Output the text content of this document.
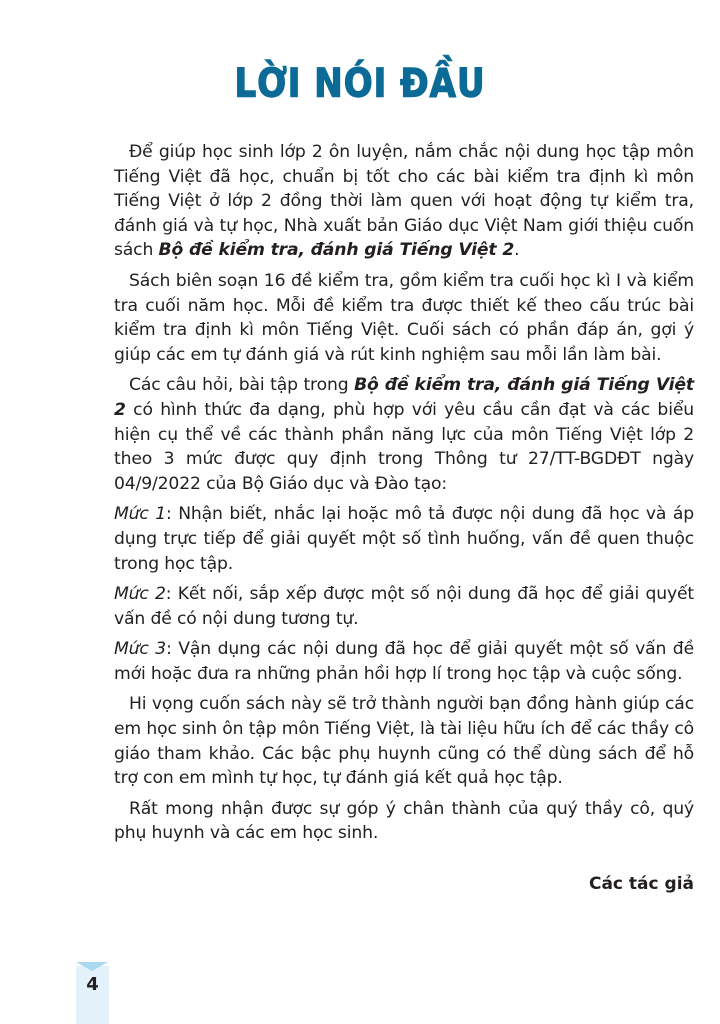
LỜI NÓI ĐẦU

Để giúp học sinh lớp 2 ôn luyện, nắm chắc nội dung học tập môn Tiếng Việt đã học, chuẩn bị tốt cho các bài kiểm tra định kì môn Tiếng Việt ở lớp 2 đồng thời làm quen với hoạt động tự kiểm tra, đánh giá và tự học, Nhà xuất bản Giáo dục Việt Nam giới thiệu cuốn sách Bộ đề kiểm tra, đánh giá Tiếng Việt 2.

Sách biên soạn 16 đề kiểm tra, gồm kiểm tra cuối học kì I và kiểm tra cuối năm học. Mỗi đề kiểm tra được thiết kế theo cấu trúc bài kiểm tra định kì môn Tiếng Việt. Cuối sách có phần đáp án, gợi ý giúp các em tự đánh giá và rút kinh nghiệm sau mỗi lần làm bài.

Các câu hỏi, bài tập trong Bộ đề kiểm tra, đánh giá Tiếng Việt 2 có hình thức đa dạng, phù hợp với yêu cầu cần đạt và các biểu hiện cụ thể về các thành phần năng lực của môn Tiếng Việt lớp 2 theo 3 mức được quy định trong Thông tư 27/TT-BGDĐT ngày 04/9/2022 của Bộ Giáo dục và Đào tạo:

Mức 1: Nhận biết, nhắc lại hoặc mô tả được nội dung đã học và áp dụng trực tiếp để giải quyết một số tình huống, vấn đề quen thuộc trong học tập.

Mức 2: Kết nối, sắp xếp được một số nội dung đã học để giải quyết vấn đề có nội dung tương tự.

Mức 3: Vận dụng các nội dung đã học để giải quyết một số vấn đề mới hoặc đưa ra những phản hồi hợp lí trong học tập và cuộc sống.

Hi vọng cuốn sách này sẽ trở thành người bạn đồng hành giúp các em học sinh ôn tập môn Tiếng Việt, là tài liệu hữu ích để các thầy cô giáo tham khảo. Các bậc phụ huynh cũng có thể dùng sách để hỗ trợ con em mình tự học, tự đánh giá kết quả học tập.

Rất mong nhận được sự góp ý chân thành của quý thầy cô, quý phụ huynh và các em học sinh.

Các tác giả
4
